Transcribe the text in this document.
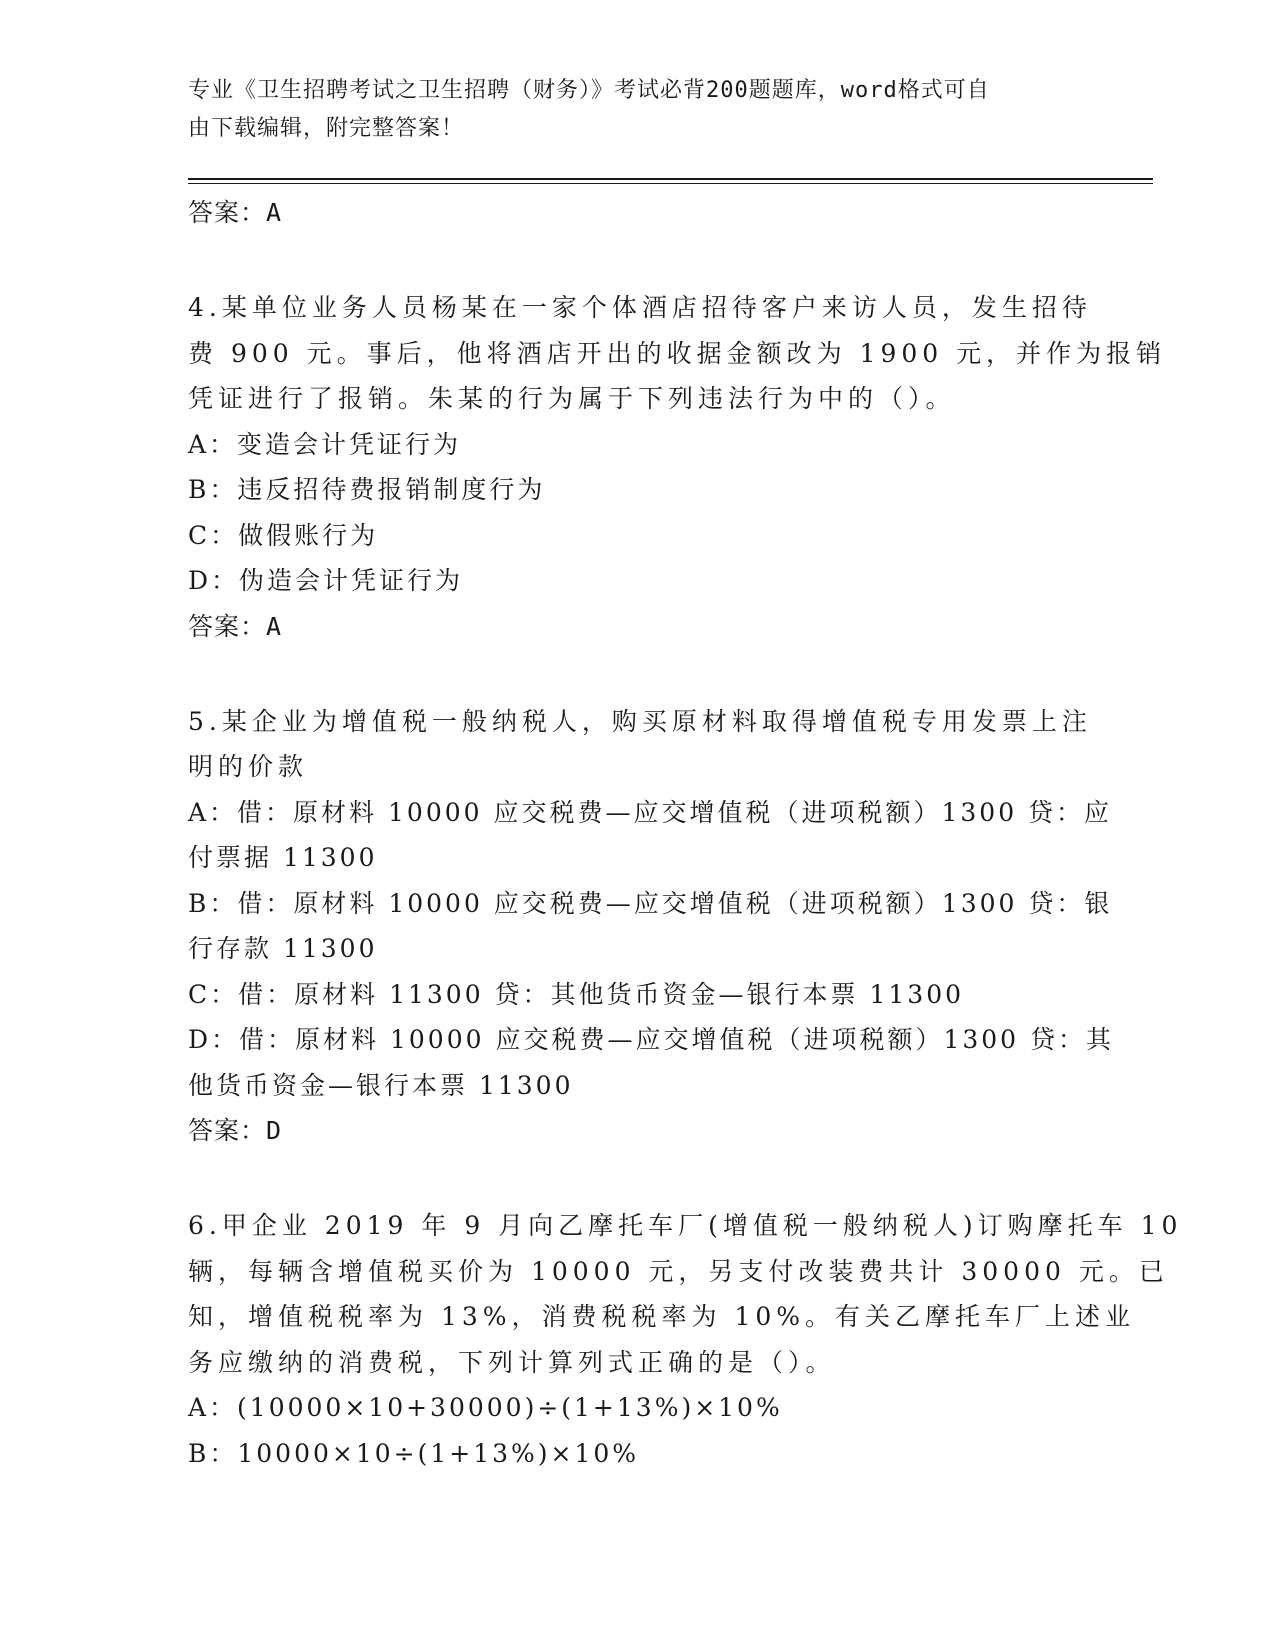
专业《卫生招聘考试之卫生招聘（财务）》考试必背200题题库，word格式可自
由下载编辑，附完整答案！

答案：A

4.某单位业务人员杨某在一家个体酒店招待客户来访人员，发生招待

费 900 元。事后，他将酒店开出的收据金额改为 1900 元，并作为报销

凭证进行了报销。朱某的行为属于下列违法行为中的（）。

A：变造会计凭证行为

B：违反招待费报销制度行为

C：做假账行为

D：伪造会计凭证行为

答案：A

5.某企业为增值税一般纳税人，购买原材料取得增值税专用发票上注

明的价款

A：借：原材料 10000 应交税费—应交增值税（进项税额）1300 贷：应

付票据 11300

B：借：原材料 10000 应交税费—应交增值税（进项税额）1300 贷：银

行存款 11300

C：借：原材料 11300 贷：其他货币资金—银行本票 11300

D：借：原材料 10000 应交税费—应交增值税（进项税额）1300 贷：其

他货币资金—银行本票 11300

答案：D

6.甲企业 2019 年 9 月向乙摩托车厂(增值税一般纳税人)订购摩托车 10

辆，每辆含增值税买价为 10000 元，另支付改装费共计 30000 元。已

知，增值税税率为 13%，消费税税率为 10%。有关乙摩托车厂上述业

务应缴纳的消费税，下列计算列式正确的是（）。

A：(10000×10+30000)÷(1+13%)×10%

B：10000×10÷(1+13%)×10%
